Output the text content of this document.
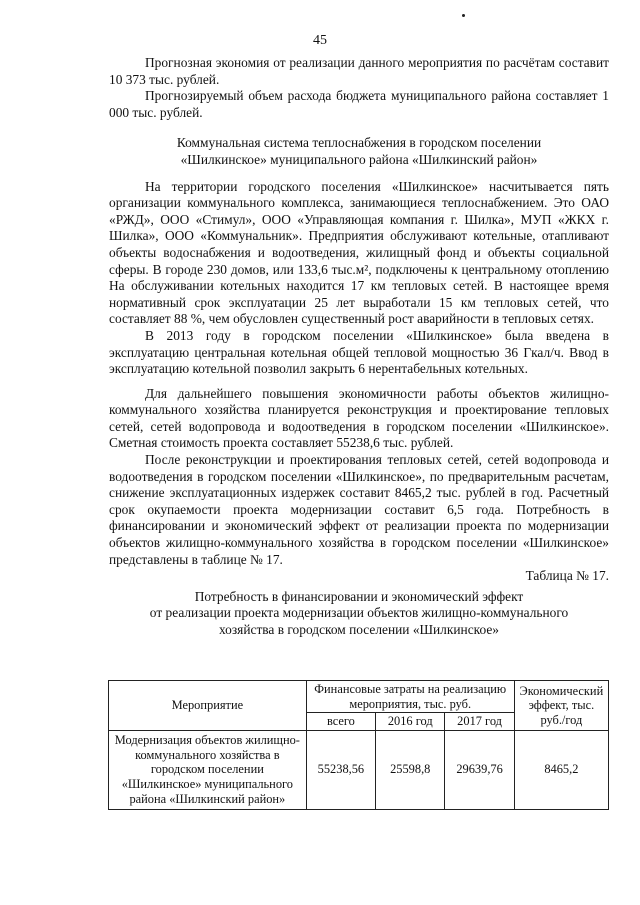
45

Прогнозная экономия от реализации данного мероприятия по расчётам составит 10 373 тыс. рублей.

Прогнозируемый объем расхода бюджета муниципального района составляет 1 000 тыс. рублей.

Коммунальная система теплоснабжения в городском поселении
«Шилкинское» муниципального района «Шилкинский район»

На территории городского поселения «Шилкинское» насчитывается пять организации коммунального комплекса, занимающиеся теплоснабжением. Это ОАО «РЖД», ООО «Стимул», ООО «Управляющая компания г. Шилка», МУП «ЖКХ г. Шилка», ООО «Коммунальник». Предприятия обслуживают котельные, отапливают объекты водоснабжения и водоотведения, жилищный фонд и объекты социальной сферы. В городе 230 домов, или 133,6 тыс.м², подключены к центральному отоплению На обслуживании котельных находится 17 км тепловых сетей. В настоящее время нормативный срок эксплуатации 25 лет выработали 15 км тепловых сетей, что составляет 88 %, чем обусловлен существенный рост аварийности в тепловых сетях.

В 2013 году в городском поселении «Шилкинское» была введена в эксплуатацию центральная котельная общей тепловой мощностью 36 Гкал/ч. Ввод в эксплуатацию котельной позволил закрыть 6 нерентабельных котельных.

Для дальнейшего повышения экономичности работы объектов жилищно-коммунального хозяйства планируется реконструкция и проектирование тепловых сетей, сетей водопровода и водоотведения в городском поселении «Шилкинское». Сметная стоимость проекта составляет 55238,6 тыс. рублей.

После реконструкции и проектирования тепловых сетей, сетей водопровода и водоотведения в городском поселении «Шилкинское», по предварительным расчетам, снижение эксплуатационных издержек составит 8465,2 тыс. рублей в год. Расчетный срок окупаемости проекта модернизации составит 6,5 года. Потребность в финансировании и экономический эффект от реализации проекта по модернизации объектов жилищно-коммунального хозяйства в городском поселении «Шилкинское» представлены в таблице № 17.

Таблица № 17.

Потребность в финансировании и экономический эффект
от реализации проекта модернизации объектов жилищно-коммунального
хозяйства в городском поселении «Шилкинское»

Мероприятие	Финансовые затраты на реализацию мероприятия, тыс. руб.			Экономический эффект, тыс. руб./год
	всего	2016 год	2017 год	
Модернизация объектов жилищно-коммунального хозяйства в городском поселении «Шилкинское» муниципального района «Шилкинский район»	55238,56	25598,8	29639,76	8465,2
